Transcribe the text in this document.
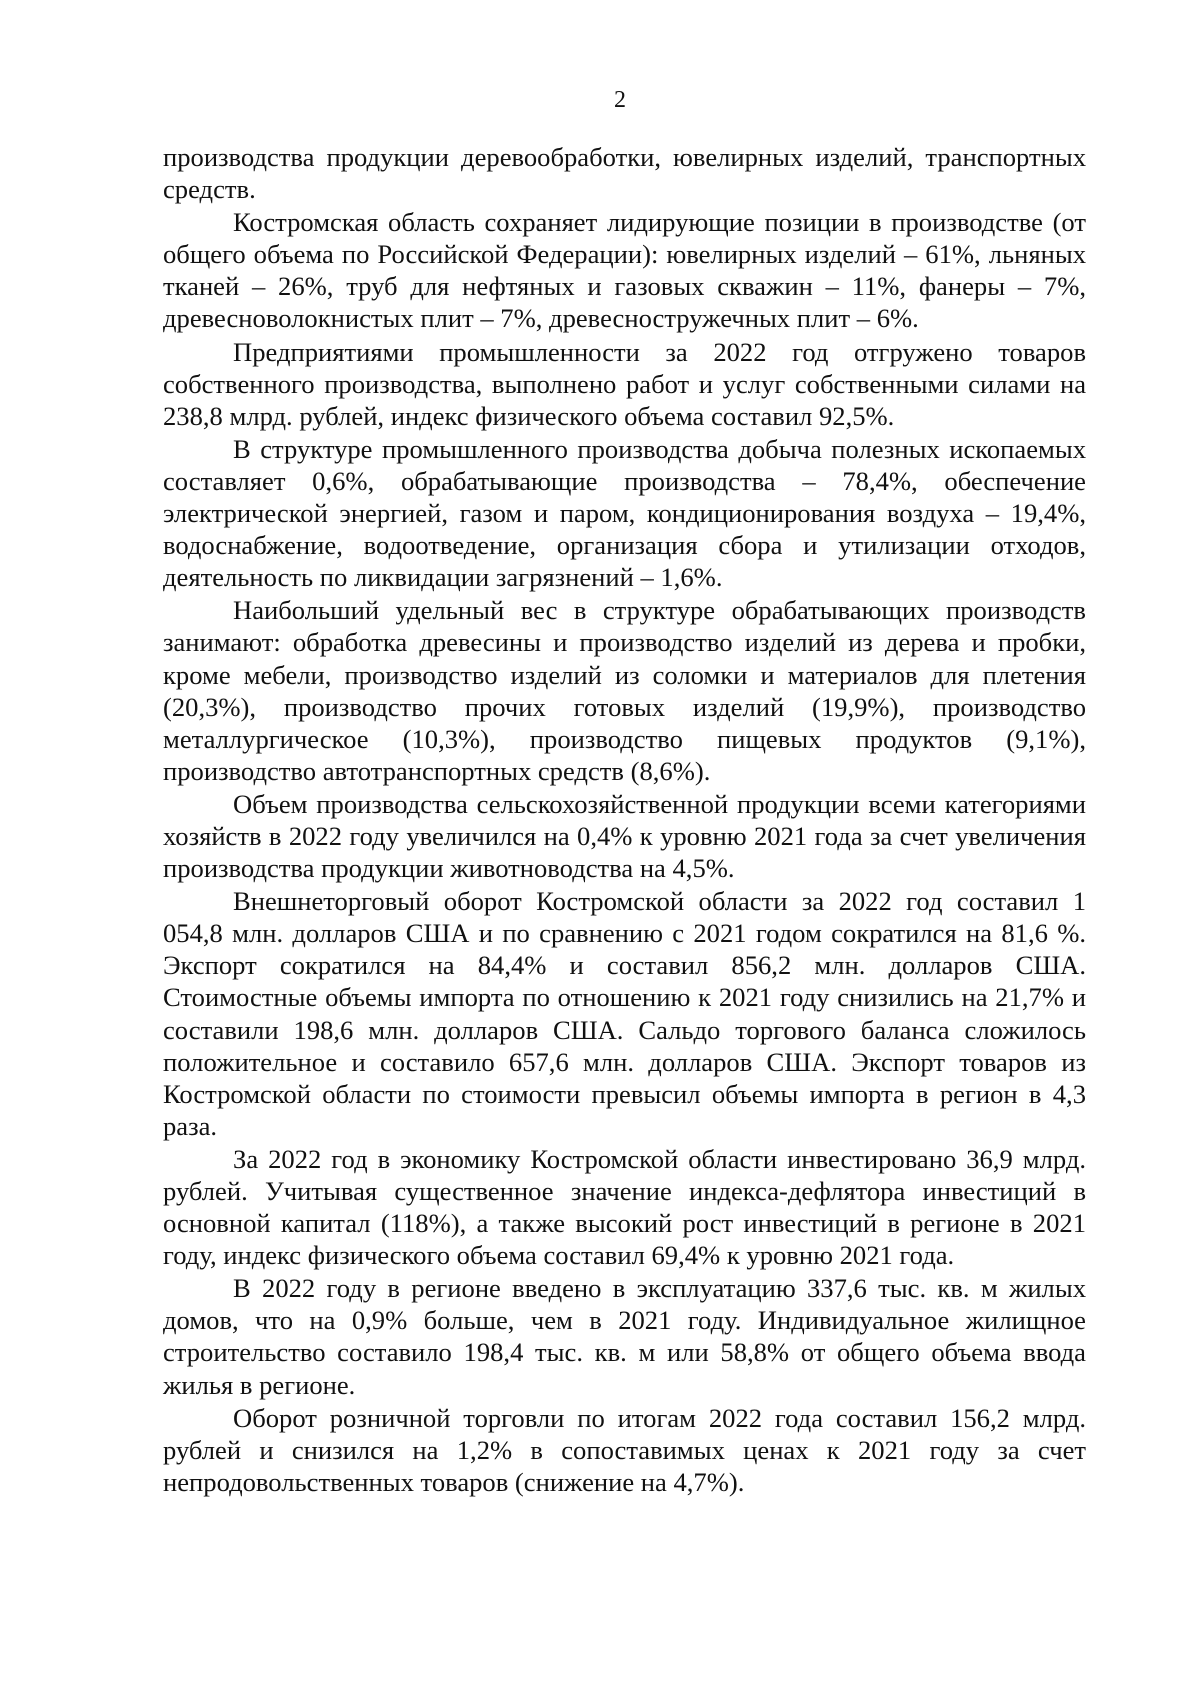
2

производства продукции деревообработки, ювелирных изделий, транспортных средств.

Костромская область сохраняет лидирующие позиции в производстве (от общего объема по Российской Федерации): ювелирных изделий – 61%, льняных тканей – 26%, труб для нефтяных и газовых скважин – 11%, фанеры – 7%, древесноволокнистых плит – 7%, древесностружечных плит – 6%.

Предприятиями промышленности за 2022 год отгружено товаров собственного производства, выполнено работ и услуг собственными силами на 238,8 млрд. рублей, индекс физического объема составил 92,5%.

В структуре промышленного производства добыча полезных ископаемых составляет 0,6%, обрабатывающие производства – 78,4%, обеспечение электрической энергией, газом и паром, кондиционирования воздуха – 19,4%, водоснабжение, водоотведение, организация сбора и утилизации отходов, деятельность по ликвидации загрязнений – 1,6%.

Наибольший удельный вес в структуре обрабатывающих производств занимают: обработка древесины и производство изделий из дерева и пробки, кроме мебели, производство изделий из соломки и материалов для плетения (20,3%), производство прочих готовых изделий (19,9%), производство металлургическое (10,3%), производство пищевых продуктов (9,1%), производство автотранспортных средств (8,6%).

Объем производства сельскохозяйственной продукции всеми категориями хозяйств в 2022 году увеличился на 0,4% к уровню 2021 года за счет увеличения производства продукции животноводства на 4,5%.

Внешнеторговый оборот Костромской области за 2022 год составил 1 054,8 млн. долларов США и по сравнению с 2021 годом сократился на 81,6 %. Экспорт сократился на 84,4% и составил 856,2 млн. долларов США. Стоимостные объемы импорта по отношению к 2021 году снизились на 21,7% и составили 198,6 млн. долларов США. Сальдо торгового баланса сложилось положительное и составило 657,6 млн. долларов США. Экспорт товаров из Костромской области по стоимости превысил объемы импорта в регион в 4,3 раза.

За 2022 год в экономику Костромской области инвестировано 36,9 млрд. рублей. Учитывая существенное значение индекса-дефлятора инвестиций в основной капитал (118%), а также высокий рост инвестиций в регионе в 2021 году, индекс физического объема составил 69,4% к уровню 2021 года.

В 2022 году в регионе введено в эксплуатацию 337,6 тыс. кв. м жилых домов, что на 0,9% больше, чем в 2021 году. Индивидуальное жилищное строительство составило 198,4 тыс. кв. м или 58,8% от общего объема ввода жилья в регионе.

Оборот розничной торговли по итогам 2022 года составил 156,2 млрд. рублей и снизился на 1,2% в сопоставимых ценах к 2021 году за счет непродовольственных товаров (снижение на 4,7%).
